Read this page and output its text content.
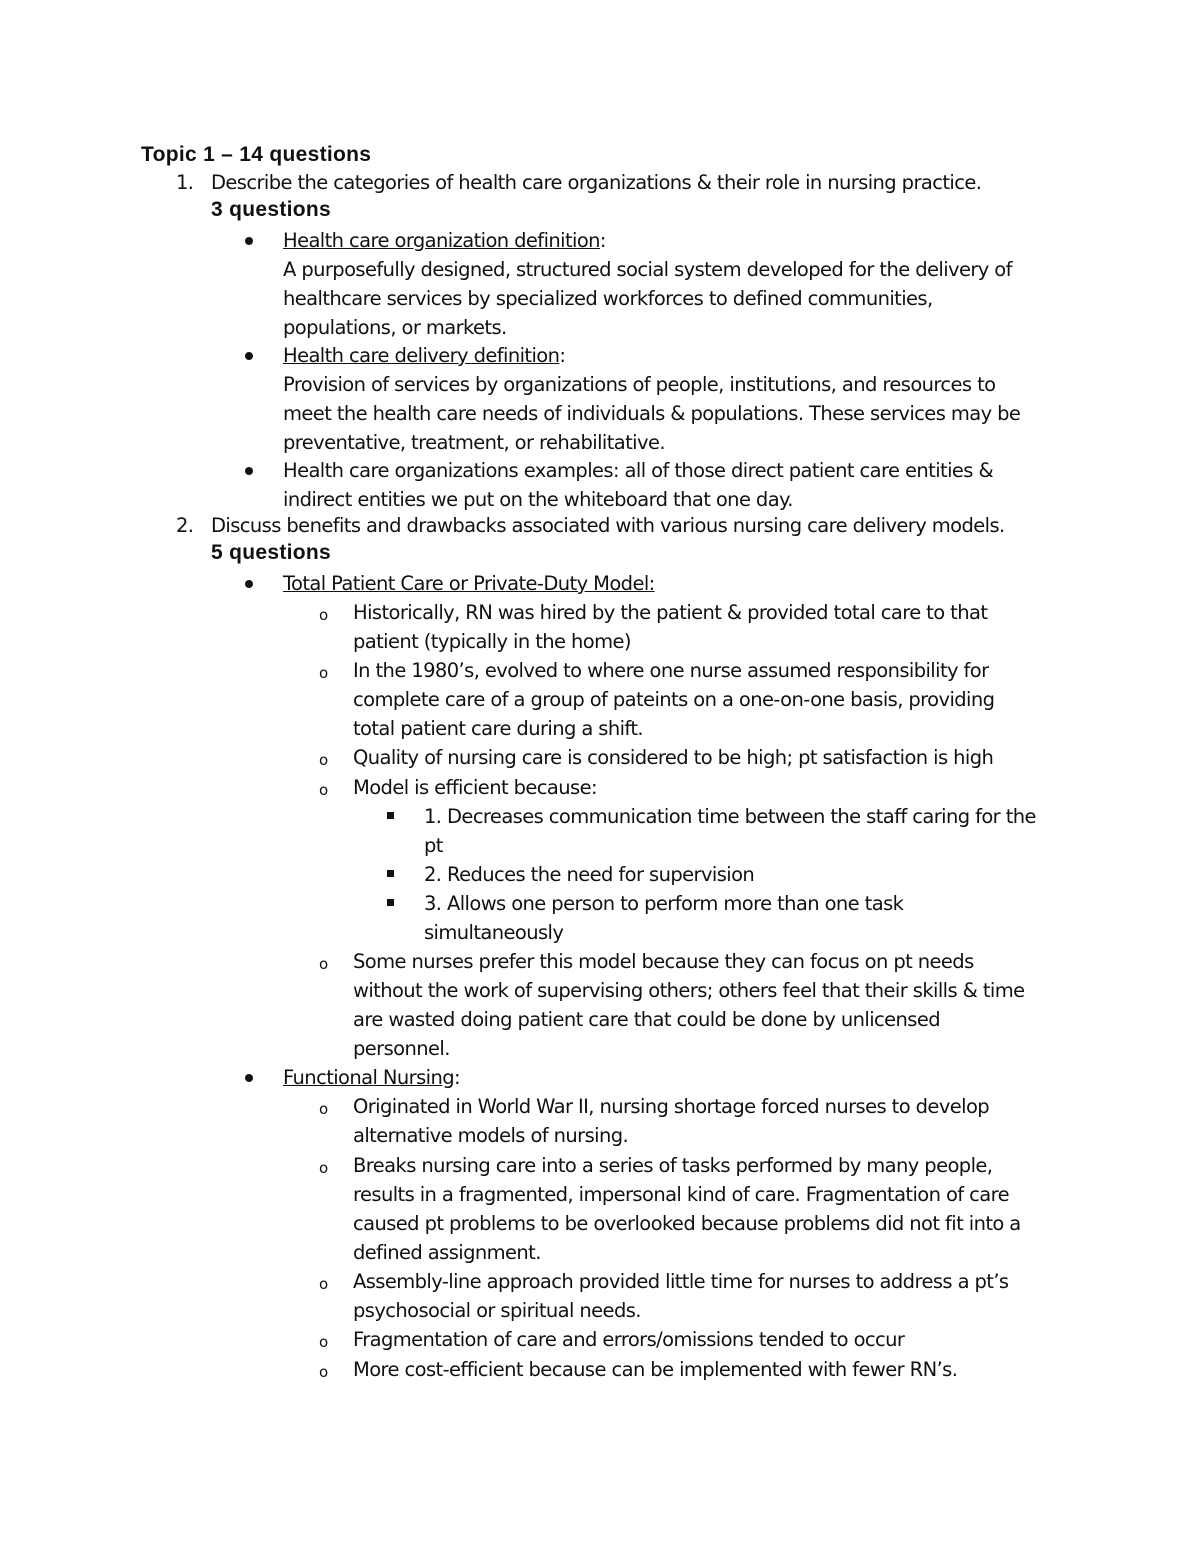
Topic 1 – 14 questions
1. Describe the categories of health care organizations & their role in nursing practice.
3 questions
Health care organization definition:
A purposefully designed, structured social system developed for the delivery of
healthcare services by specialized workforces to defined communities,
populations, or markets.
Health care delivery definition:
Provision of services by organizations of people, institutions, and resources to
meet the health care needs of individuals & populations. These services may be
preventative, treatment, or rehabilitative.
Health care organizations examples: all of those direct patient care entities &
indirect entities we put on the whiteboard that one day.
2. Discuss benefits and drawbacks associated with various nursing care delivery models.
5 questions
Total Patient Care or Private-Duty Model:
o Historically, RN was hired by the patient & provided total care to that
patient (typically in the home)
o In the 1980’s, evolved to where one nurse assumed responsibility for
complete care of a group of pateints on a one-on-one basis, providing
total patient care during a shift.
o Quality of nursing care is considered to be high; pt satisfaction is high
o Model is efficient because:
1. Decreases communication time between the staff caring for the
pt
2. Reduces the need for supervision
3. Allows one person to perform more than one task
simultaneously
o Some nurses prefer this model because they can focus on pt needs
without the work of supervising others; others feel that their skills & time
are wasted doing patient care that could be done by unlicensed
personnel.
Functional Nursing:
o Originated in World War II, nursing shortage forced nurses to develop
alternative models of nursing.
o Breaks nursing care into a series of tasks performed by many people,
results in a fragmented, impersonal kind of care. Fragmentation of care
caused pt problems to be overlooked because problems did not fit into a
defined assignment.
o Assembly-line approach provided little time for nurses to address a pt’s
psychosocial or spiritual needs.
o Fragmentation of care and errors/omissions tended to occur
o More cost-efficient because can be implemented with fewer RN’s.
